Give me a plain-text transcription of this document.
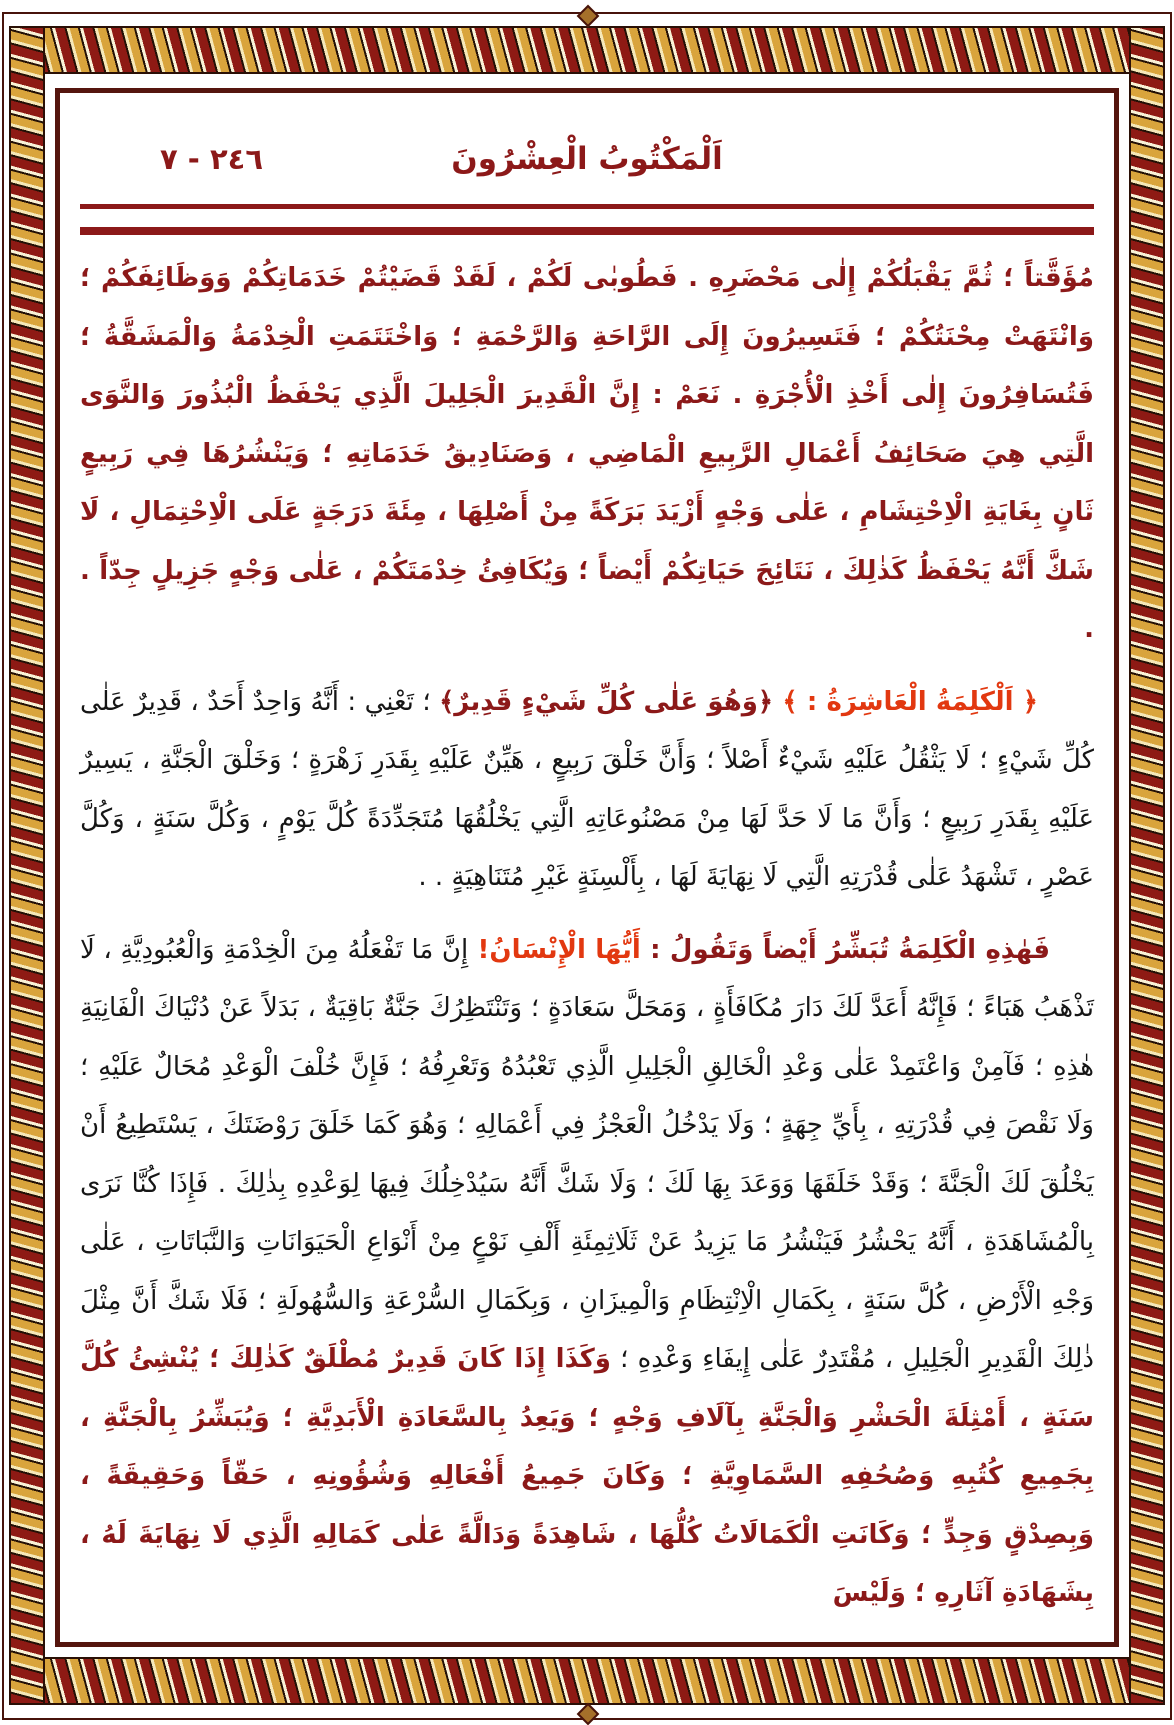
اَلْمَكْتُوبُ الْعِشْرُونَ
٢٤٦ - ٧

مُؤَقَّتاً ؛ ثُمَّ يَقْبَلُكُمْ إِلٰى مَحْضَرِهِ . فَطُوبٰى لَكُمْ ، لَقَدْ قَضَيْتُمْ خَدَمَاتِكُمْ وَوَظَائِفَكُمْ ؛ وَانْتَهَتْ مِحْنَتُكُمْ ؛ فَتَسِيرُونَ إِلَى الرَّاحَةِ وَالرَّحْمَةِ ؛ وَاخْتَتَمَتِ الْخِدْمَةُ وَالْمَشَقَّةُ ؛ فَتُسَافِرُونَ إِلٰى أَخْذِ الْأُجْرَةِ . نَعَمْ : إِنَّ الْقَدِيرَ الْجَلِيلَ الَّذِي يَحْفَظُ الْبُذُورَ وَالنَّوَى الَّتِي هِيَ صَحَائِفُ أَعْمَالِ الرَّبِيعِ الْمَاضِي ، وَصَنَادِيقُ خَدَمَاتِهِ ؛ وَيَنْشُرُهَا فِي رَبِيعٍ ثَانٍ بِغَايَةِ الْاِحْتِشَامِ ، عَلٰى وَجْهٍ أَزْيَدَ بَرَكَةً مِنْ أَصْلِهَا ، مِئَةَ دَرَجَةٍ عَلَى الْاِحْتِمَالِ ، لَا شَكَّ أَنَّهُ يَحْفَظُ كَذٰلِكَ ، نَتَائِجَ حَيَاتِكُمْ أَيْضاً ؛ وَيُكَافِئُ خِدْمَتَكُمْ ، عَلٰى وَجْهٍ جَزِيلٍ جِدّاً . .

﴿ اَلْكَلِمَةُ الْعَاشِرَةُ : ﴾ ﴿وَهُوَ عَلٰى كُلِّ شَيْءٍ قَدِيرٌ﴾ ؛ تَعْنِي : أَنَّهُ وَاحِدٌ أَحَدٌ ، قَدِيرٌ عَلٰى كُلِّ شَيْءٍ ؛ لَا يَثْقُلُ عَلَيْهِ شَيْءٌ أَصْلاً ؛ وَأَنَّ خَلْقَ رَبِيعٍ ، هَيِّنٌ عَلَيْهِ بِقَدَرِ زَهْرَةٍ ؛ وَخَلْقَ الْجَنَّةِ ، يَسِيرٌ عَلَيْهِ بِقَدَرِ رَبِيعٍ ؛ وَأَنَّ مَا لَا حَدَّ لَهَا مِنْ مَصْنُوعَاتِهِ الَّتِي يَخْلُقُهَا مُتَجَدِّدَةً كُلَّ يَوْمٍ ، وَكُلَّ سَنَةٍ ، وَكُلَّ عَصْرٍ ، تَشْهَدُ عَلٰى قُدْرَتِهِ الَّتِي لَا نِهَايَةَ لَهَا ، بِأَلْسِنَةٍ غَيْرِ مُتَنَاهِيَةٍ . .

فَهٰذِهِ الْكَلِمَةُ تُبَشِّرُ أَيْضاً وَتَقُولُ : أَيُّهَا الْإِنْسَانُ! إِنَّ مَا تَفْعَلُهُ مِنَ الْخِدْمَةِ وَالْعُبُودِيَّةِ ، لَا تَذْهَبُ هَبَاءً ؛ فَإِنَّهُ أَعَدَّ لَكَ دَارَ مُكَافَأَةٍ ، وَمَحَلَّ سَعَادَةٍ ؛ وَتَنْتَظِرُكَ جَنَّةٌ بَاقِيَةٌ ، بَدَلاً عَنْ دُنْيَاكَ الْفَانِيَةِ هٰذِهِ ؛ فَآمِنْ وَاعْتَمِدْ عَلٰى وَعْدِ الْخَالِقِ الْجَلِيلِ الَّذِي تَعْبُدُهُ وَتَعْرِفُهُ ؛ فَإِنَّ خُلْفَ الْوَعْدِ مُحَالٌ عَلَيْهِ ؛ وَلَا نَقْصَ فِي قُدْرَتِهِ ، بِأَيِّ جِهَةٍ ؛ وَلَا يَدْخُلُ الْعَجْزُ فِي أَعْمَالِهِ ؛ وَهُوَ كَمَا خَلَقَ رَوْضَتَكَ ، يَسْتَطِيعُ أَنْ يَخْلُقَ لَكَ الْجَنَّةَ ؛ وَقَدْ خَلَقَهَا وَوَعَدَ بِهَا لَكَ ؛ وَلَا شَكَّ أَنَّهُ سَيُدْخِلُكَ فِيهَا لِوَعْدِهِ بِذٰلِكَ . فَإِذَا كُنَّا نَرَى بِالْمُشَاهَدَةِ ، أَنَّهُ يَحْشُرُ فَيَنْشُرُ مَا يَزِيدُ عَنْ ثَلَاثِمِئَةِ أَلْفِ نَوْعٍ مِنْ أَنْوَاعِ الْحَيَوَانَاتِ وَالنَّبَاتَاتِ ، عَلٰى وَجْهِ الْأَرْضِ ، كُلَّ سَنَةٍ ، بِكَمَالِ الْاِنْتِظَامِ وَالْمِيزَانِ ، وَبِكَمَالِ السُّرْعَةِ وَالسُّهُولَةِ ؛ فَلَا شَكَّ أَنَّ مِثْلَ ذٰلِكَ الْقَدِيرِ الْجَلِيلِ ، مُقْتَدِرٌ عَلٰى إِيفَاءِ وَعْدِهِ ؛ وَكَذَا إِذَا كَانَ قَدِيرٌ مُطْلَقٌ كَذٰلِكَ ؛ يُنْشِئُ كُلَّ سَنَةٍ ، أَمْثِلَةَ الْحَشْرِ وَالْجَنَّةِ بِآلَافِ وَجْهٍ ؛ وَيَعِدُ بِالسَّعَادَةِ الْأَبَدِيَّةِ ؛ وَيُبَشِّرُ بِالْجَنَّةِ ، بِجَمِيعِ كُتُبِهِ وَصُحُفِهِ السَّمَاوِيَّةِ ؛ وَكَانَ جَمِيعُ أَفْعَالِهِ وَشُؤُونِهِ ، حَقّاً وَحَقِيقَةً ، وَبِصِدْقٍ وَجِدٍّ ؛ وَكَانَتِ الْكَمَالَاتُ كُلُّهَا ، شَاهِدَةً وَدَالَّةً عَلٰى كَمَالِهِ الَّذِي لَا نِهَايَةَ لَهُ ، بِشَهَادَةِ آثَارِهِ ؛ وَلَيْسَ
